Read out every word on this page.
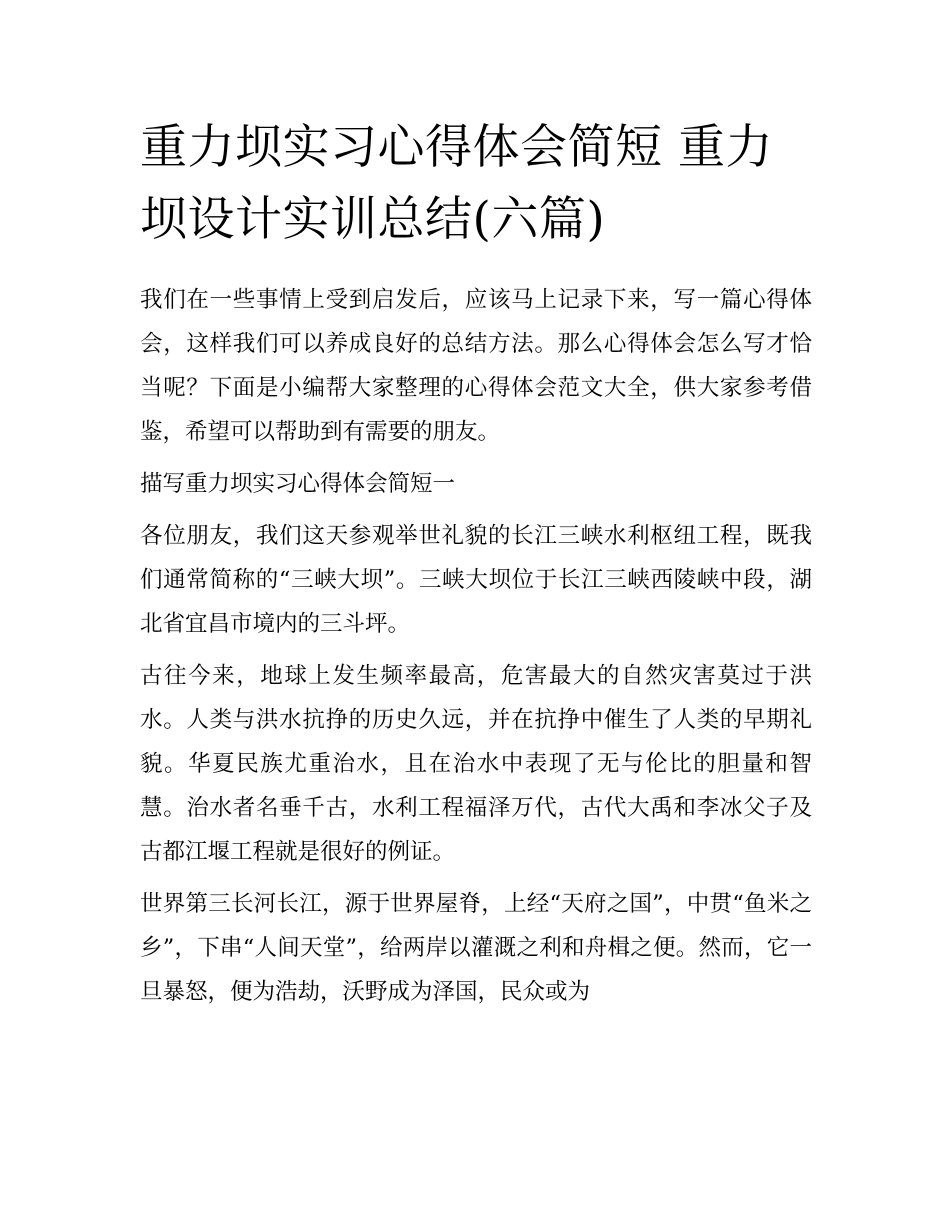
重力坝实习心得体会简短 重力坝设计实训总结(六篇)

我们在一些事情上受到启发后，应该马上记录下来，写一篇心得体会，这样我们可以养成良好的总结方法。那么心得体会怎么写才恰当呢？下面是小编帮大家整理的心得体会范文大全，供大家参考借鉴，希望可以帮助到有需要的朋友。

描写重力坝实习心得体会简短一

各位朋友，我们这天参观举世礼貌的长江三峡水利枢纽工程，既我们通常简称的“三峡大坝”。三峡大坝位于长江三峡西陵峡中段，湖北省宜昌市境内的三斗坪。

古往今来，地球上发生频率最高，危害最大的自然灾害莫过于洪水。人类与洪水抗挣的历史久远，并在抗挣中催生了人类的早期礼貌。华夏民族尤重治水，且在治水中表现了无与伦比的胆量和智慧。治水者名垂千古，水利工程福泽万代，古代大禹和李冰父子及古都江堰工程就是很好的例证。

世界第三长河长江，源于世界屋脊，上经“天府之国”，中贯“鱼米之乡”，下串“人间天堂”，给两岸以灌溉之利和舟楫之便。然而，它一旦暴怒，便为浩劫，沃野成为泽国，民众或为
